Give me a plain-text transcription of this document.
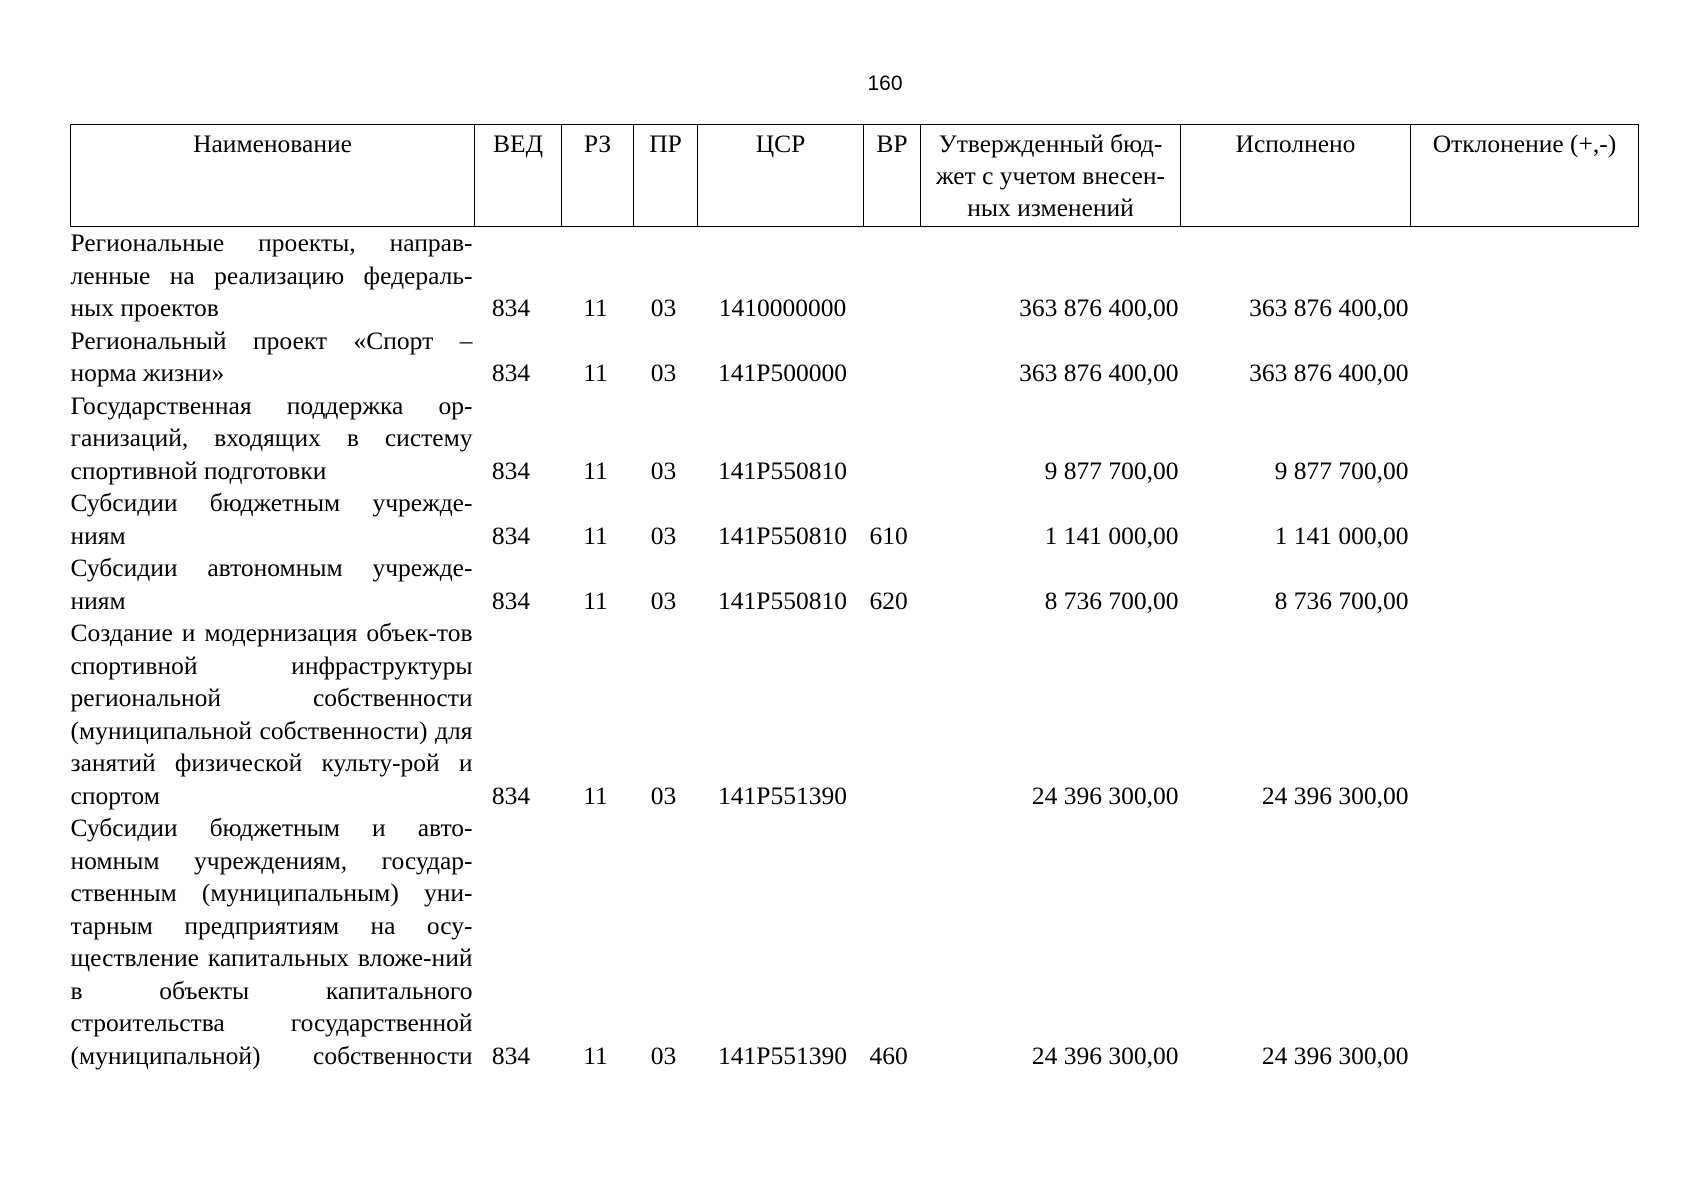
160
Наименование	ВЕД	РЗ	ПР	ЦСР	ВР	Утвержденный бюд-жет с учетом внесен-ных изменений	Исполнено	Отклонение (+,-)
Региональные проекты, направ-ленные на реализацию федераль-ных проектов	834	11	03	1410000000		363 876 400,00	363 876 400,00	
Региональный проект «Спорт – норма жизни»	834	11	03	141P500000		363 876 400,00	363 876 400,00	
Государственная поддержка ор-ганизаций, входящих в систему спортивной подготовки	834	11	03	141P550810		9 877 700,00	9 877 700,00	
Субсидии бюджетным учрежде-ниям	834	11	03	141P550810	610	1 141 000,00	1 141 000,00	
Субсидии автономным учрежде-ниям	834	11	03	141P550810	620	8 736 700,00	8 736 700,00	
Создание и модернизация объек-тов спортивной инфраструктуры региональной собственности (муниципальной собственности) для занятий физической культу-рой и спортом	834	11	03	141P551390		24 396 300,00	24 396 300,00	
Субсидии бюджетным и авто-номным учреждениям, государ-ственным (муниципальным) уни-тарным предприятиям на осу-ществление капитальных вложе-ний в объекты капитального строительства государственной (муниципальной) собственности	834	11	03	141P551390	460	24 396 300,00	24 396 300,00	
